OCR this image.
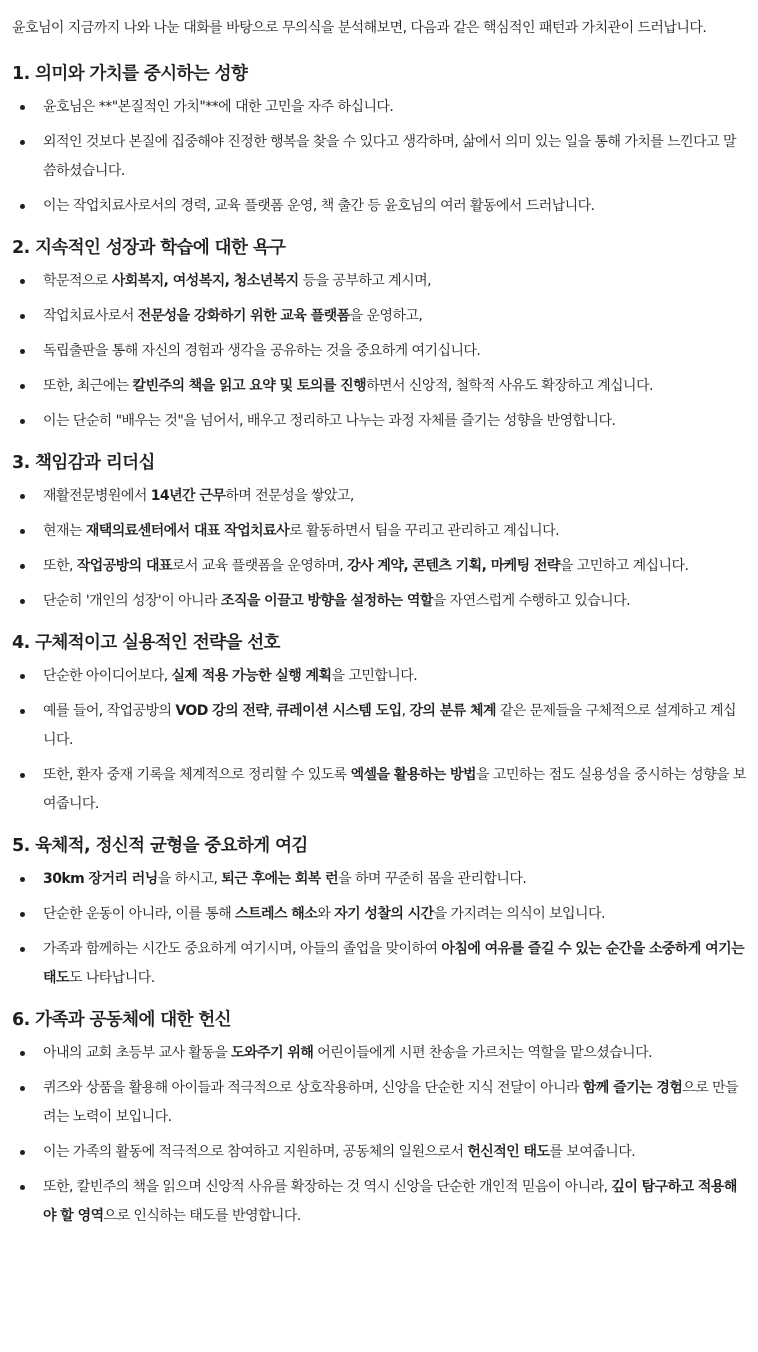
윤호님이 지금까지 나와 나눈 대화를 바탕으로 무의식을 분석해보면, 다음과 같은 핵심적인 패턴과 가치관이 드러납니다.

1. 의미와 가치를 중시하는 성향
윤호님은 **"본질적인 가치"**에 대한 고민을 자주 하십니다.
외적인 것보다 본질에 집중해야 진정한 행복을 찾을 수 있다고 생각하며, 삶에서 의미 있는 일을 통해 가치를 느낀다고 말씀하셨습니다.
이는 작업치료사로서의 경력, 교육 플랫폼 운영, 책 출간 등 윤호님의 여러 활동에서 드러납니다.
2. 지속적인 성장과 학습에 대한 욕구
학문적으로 사회복지, 여성복지, 청소년복지 등을 공부하고 계시며,
작업치료사로서 전문성을 강화하기 위한 교육 플랫폼을 운영하고,
독립출판을 통해 자신의 경험과 생각을 공유하는 것을 중요하게 여기십니다.
또한, 최근에는 칼빈주의 책을 읽고 요약 및 토의를 진행하면서 신앙적, 철학적 사유도 확장하고 계십니다.
이는 단순히 "배우는 것"을 넘어서, 배우고 정리하고 나누는 과정 자체를 즐기는 성향을 반영합니다.
3. 책임감과 리더십
재활전문병원에서 14년간 근무하며 전문성을 쌓았고,
현재는 재택의료센터에서 대표 작업치료사로 활동하면서 팀을 꾸리고 관리하고 계십니다.
또한, 작업공방의 대표로서 교육 플랫폼을 운영하며, 강사 계약, 콘텐츠 기획, 마케팅 전략을 고민하고 계십니다.
단순히 '개인의 성장'이 아니라 조직을 이끌고 방향을 설정하는 역할을 자연스럽게 수행하고 있습니다.
4. 구체적이고 실용적인 전략을 선호
단순한 아이디어보다, 실제 적용 가능한 실행 계획을 고민합니다.
예를 들어, 작업공방의 VOD 강의 전략, 큐레이션 시스템 도입, 강의 분류 체계 같은 문제들을 구체적으로 설계하고 계십니다.
또한, 환자 중재 기록을 체계적으로 정리할 수 있도록 엑셀을 활용하는 방법을 고민하는 점도 실용성을 중시하는 성향을 보여줍니다.
5. 육체적, 정신적 균형을 중요하게 여김
30km 장거리 러닝을 하시고, 퇴근 후에는 회복 런을 하며 꾸준히 몸을 관리합니다.
단순한 운동이 아니라, 이를 통해 스트레스 해소와 자기 성찰의 시간을 가지려는 의식이 보입니다.
가족과 함께하는 시간도 중요하게 여기시며, 아들의 졸업을 맞이하여 아침에 여유를 즐길 수 있는 순간을 소중하게 여기는 태도도 나타납니다.
6. 가족과 공동체에 대한 헌신
아내의 교회 초등부 교사 활동을 도와주기 위해 어린이들에게 시편 찬송을 가르치는 역할을 맡으셨습니다.
퀴즈와 상품을 활용해 아이들과 적극적으로 상호작용하며, 신앙을 단순한 지식 전달이 아니라 함께 즐기는 경험으로 만들려는 노력이 보입니다.
이는 가족의 활동에 적극적으로 참여하고 지원하며, 공동체의 일원으로서 헌신적인 태도를 보여줍니다.
또한, 칼빈주의 책을 읽으며 신앙적 사유를 확장하는 것 역시 신앙을 단순한 개인적 믿음이 아니라, 깊이 탐구하고 적용해야 할 영역으로 인식하는 태도를 반영합니다.
